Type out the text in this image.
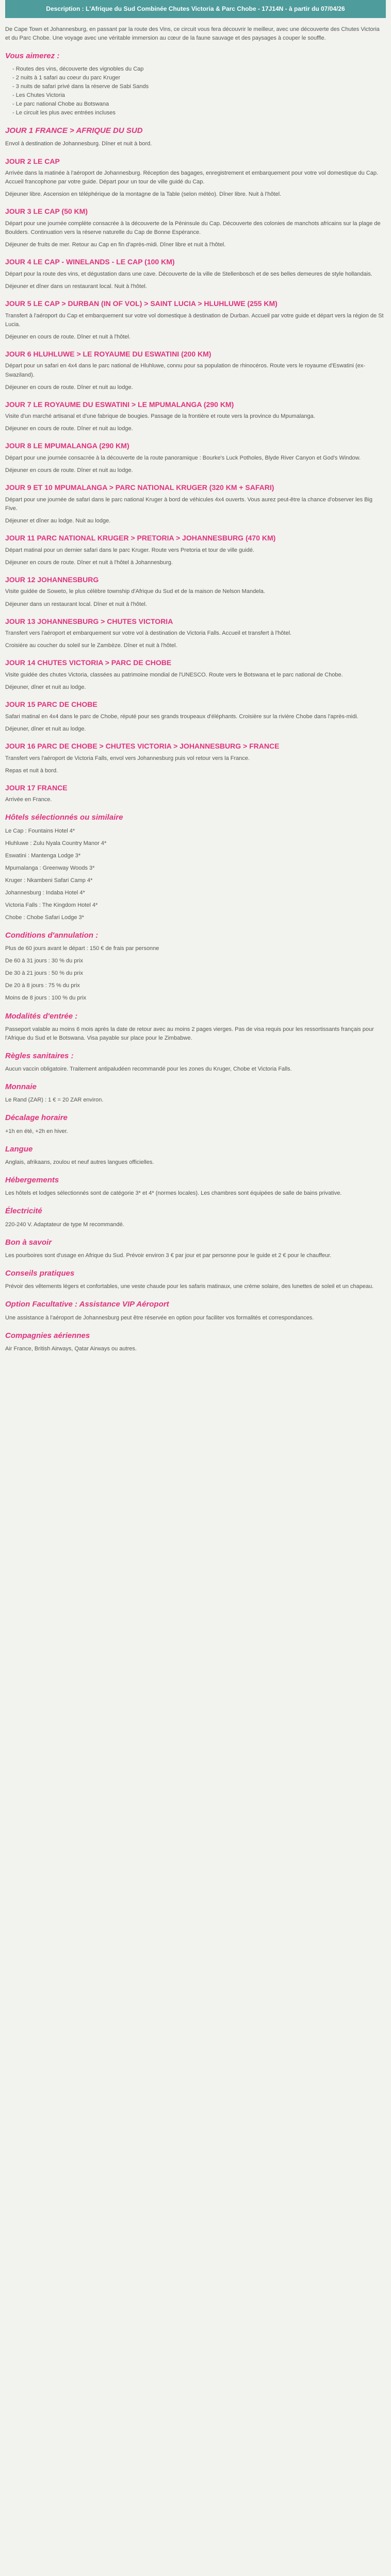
Description : L'Afrique du Sud Combinée Chutes Victoria & Parc Chobe - 17J14N - à partir du 07/04/26

De Cape Town et Johannesburg, en passant par la route des Vins, ce circuit vous fera découvrir le meilleur, avec une découverte des Chutes Victoria et du Parc Chobe. Une voyage avec une véritable immersion au cœur de la faune sauvage et des paysages à couper le souffle.

Vous aimerez :
- Routes des vins, découverte des vignobles du Cap
- 2 nuits à 1 safari au coeur du parc Kruger
- 3 nuits de safari privé dans la réserve de Sabi Sands
- Les Chutes Victoria
- Le parc national Chobe au Botswana
- Le circuit les plus avec entrées incluses
JOUR 1 FRANCE > AFRIQUE DU SUD

Envol à destination de Johannesburg. Dîner et nuit à bord.

JOUR 2 LE CAP

Arrivée dans la matinée à l'aéroport de Johannesburg. Réception des bagages, enregistrement et embarquement pour votre vol domestique du Cap. Accueil francophone par votre guide. Départ pour un tour de ville guidé du Cap.

Déjeuner libre. Ascension en téléphérique de la montagne de la Table (selon météo). Dîner libre. Nuit à l'hôtel.

JOUR 3 LE CAP (50 KM)

Départ pour une journée complète consacrée à la découverte de la Péninsule du Cap. Découverte des colonies de manchots africains sur la plage de Boulders. Continuation vers la réserve naturelle du Cap de Bonne Espérance.

Déjeuner de fruits de mer. Retour au Cap en fin d'après-midi. Dîner libre et nuit à l'hôtel.

JOUR 4 LE CAP - WINELANDS - LE CAP (100 KM)

Départ pour la route des vins, et dégustation dans une cave. Découverte de la ville de Stellenbosch et de ses belles demeures de style hollandais.

Déjeuner et dîner dans un restaurant local. Nuit à l'hôtel.

JOUR 5 LE CAP > DURBAN (IN OF VOL) > SAINT LUCIA > HLUHLUWE (255 KM)

Transfert à l'aéroport du Cap et embarquement sur votre vol domestique à destination de Durban. Accueil par votre guide et départ vers la région de St Lucia.

Déjeuner en cours de route. Dîner et nuit à l'hôtel.

JOUR 6 HLUHLUWE > LE ROYAUME DU ESWATINI (200 KM)

Départ pour un safari en 4x4 dans le parc national de Hluhluwe, connu pour sa population de rhinocéros. Route vers le royaume d'Eswatini (ex-Swaziland).

Déjeuner en cours de route. Dîner et nuit au lodge.

JOUR 7 LE ROYAUME DU ESWATINI > LE MPUMALANGA (290 KM)

Visite d'un marché artisanal et d'une fabrique de bougies. Passage de la frontière et route vers la province du Mpumalanga.

Déjeuner en cours de route. Dîner et nuit au lodge.

JOUR 8 LE MPUMALANGA (290 KM)

Départ pour une journée consacrée à la découverte de la route panoramique : Bourke's Luck Potholes, Blyde River Canyon et God's Window.

Déjeuner en cours de route. Dîner et nuit au lodge.

JOUR 9 ET 10 MPUMALANGA > PARC NATIONAL KRUGER (320 KM + SAFARI)

Départ pour une journée de safari dans le parc national Kruger à bord de véhicules 4x4 ouverts. Vous aurez peut-être la chance d'observer les Big Five.

Déjeuner et dîner au lodge. Nuit au lodge.

JOUR 11 PARC NATIONAL KRUGER > PRETORIA > JOHANNESBURG (470 KM)

Départ matinal pour un dernier safari dans le parc Kruger. Route vers Pretoria et tour de ville guidé.

Déjeuner en cours de route. Dîner et nuit à l'hôtel à Johannesburg.

JOUR 12 JOHANNESBURG

Visite guidée de Soweto, le plus célèbre township d'Afrique du Sud et de la maison de Nelson Mandela.

Déjeuner dans un restaurant local. Dîner et nuit à l'hôtel.

JOUR 13 JOHANNESBURG > CHUTES VICTORIA

Transfert vers l'aéroport et embarquement sur votre vol à destination de Victoria Falls. Accueil et transfert à l'hôtel.

Croisière au coucher du soleil sur le Zambèze. Dîner et nuit à l'hôtel.

JOUR 14 CHUTES VICTORIA > PARC DE CHOBE

Visite guidée des chutes Victoria, classées au patrimoine mondial de l'UNESCO. Route vers le Botswana et le parc national de Chobe.

Déjeuner, dîner et nuit au lodge.

JOUR 15 PARC DE CHOBE

Safari matinal en 4x4 dans le parc de Chobe, réputé pour ses grands troupeaux d'éléphants. Croisière sur la rivière Chobe dans l'après-midi.

Déjeuner, dîner et nuit au lodge.

JOUR 16 PARC DE CHOBE > CHUTES VICTORIA > JOHANNESBURG > FRANCE

Transfert vers l'aéroport de Victoria Falls, envol vers Johannesburg puis vol retour vers la France.

Repas et nuit à bord.

JOUR 17 FRANCE

Arrivée en France.

Hôtels sélectionnés ou similaire

Le Cap : Fountains Hotel 4*

Hluhluwe : Zulu Nyala Country Manor 4*

Eswatini : Mantenga Lodge 3*

Mpumalanga : Greenway Woods 3*

Kruger : Nkambeni Safari Camp 4*

Johannesburg : Indaba Hotel 4*

Victoria Falls : The Kingdom Hotel 4*

Chobe : Chobe Safari Lodge 3*

Conditions d'annulation :

Plus de 60 jours avant le départ : 150 € de frais par personne

De 60 à 31 jours : 30 % du prix

De 30 à 21 jours : 50 % du prix

De 20 à 8 jours : 75 % du prix

Moins de 8 jours : 100 % du prix

Modalités d'entrée :

Passeport valable au moins 6 mois après la date de retour avec au moins 2 pages vierges. Pas de visa requis pour les ressortissants français pour l'Afrique du Sud et le Botswana. Visa payable sur place pour le Zimbabwe.

Règles sanitaires :

Aucun vaccin obligatoire. Traitement antipaludéen recommandé pour les zones du Kruger, Chobe et Victoria Falls.

Monnaie

Le Rand (ZAR) : 1 € = 20 ZAR environ.

Décalage horaire

+1h en été, +2h en hiver.

Langue

Anglais, afrikaans, zoulou et neuf autres langues officielles.

Hébergements

Les hôtels et lodges sélectionnés sont de catégorie 3* et 4* (normes locales). Les chambres sont équipées de salle de bains privative.

Électricité

220-240 V. Adaptateur de type M recommandé.

Bon à savoir

Les pourboires sont d'usage en Afrique du Sud. Prévoir environ 3 € par jour et par personne pour le guide et 2 € pour le chauffeur.

Conseils pratiques

Prévoir des vêtements légers et confortables, une veste chaude pour les safaris matinaux, une crème solaire, des lunettes de soleil et un chapeau.

Option Facultative : Assistance VIP Aéroport

Une assistance à l'aéroport de Johannesburg peut être réservée en option pour faciliter vos formalités et correspondances.

Compagnies aériennes

Air France, British Airways, Qatar Airways ou autres.
